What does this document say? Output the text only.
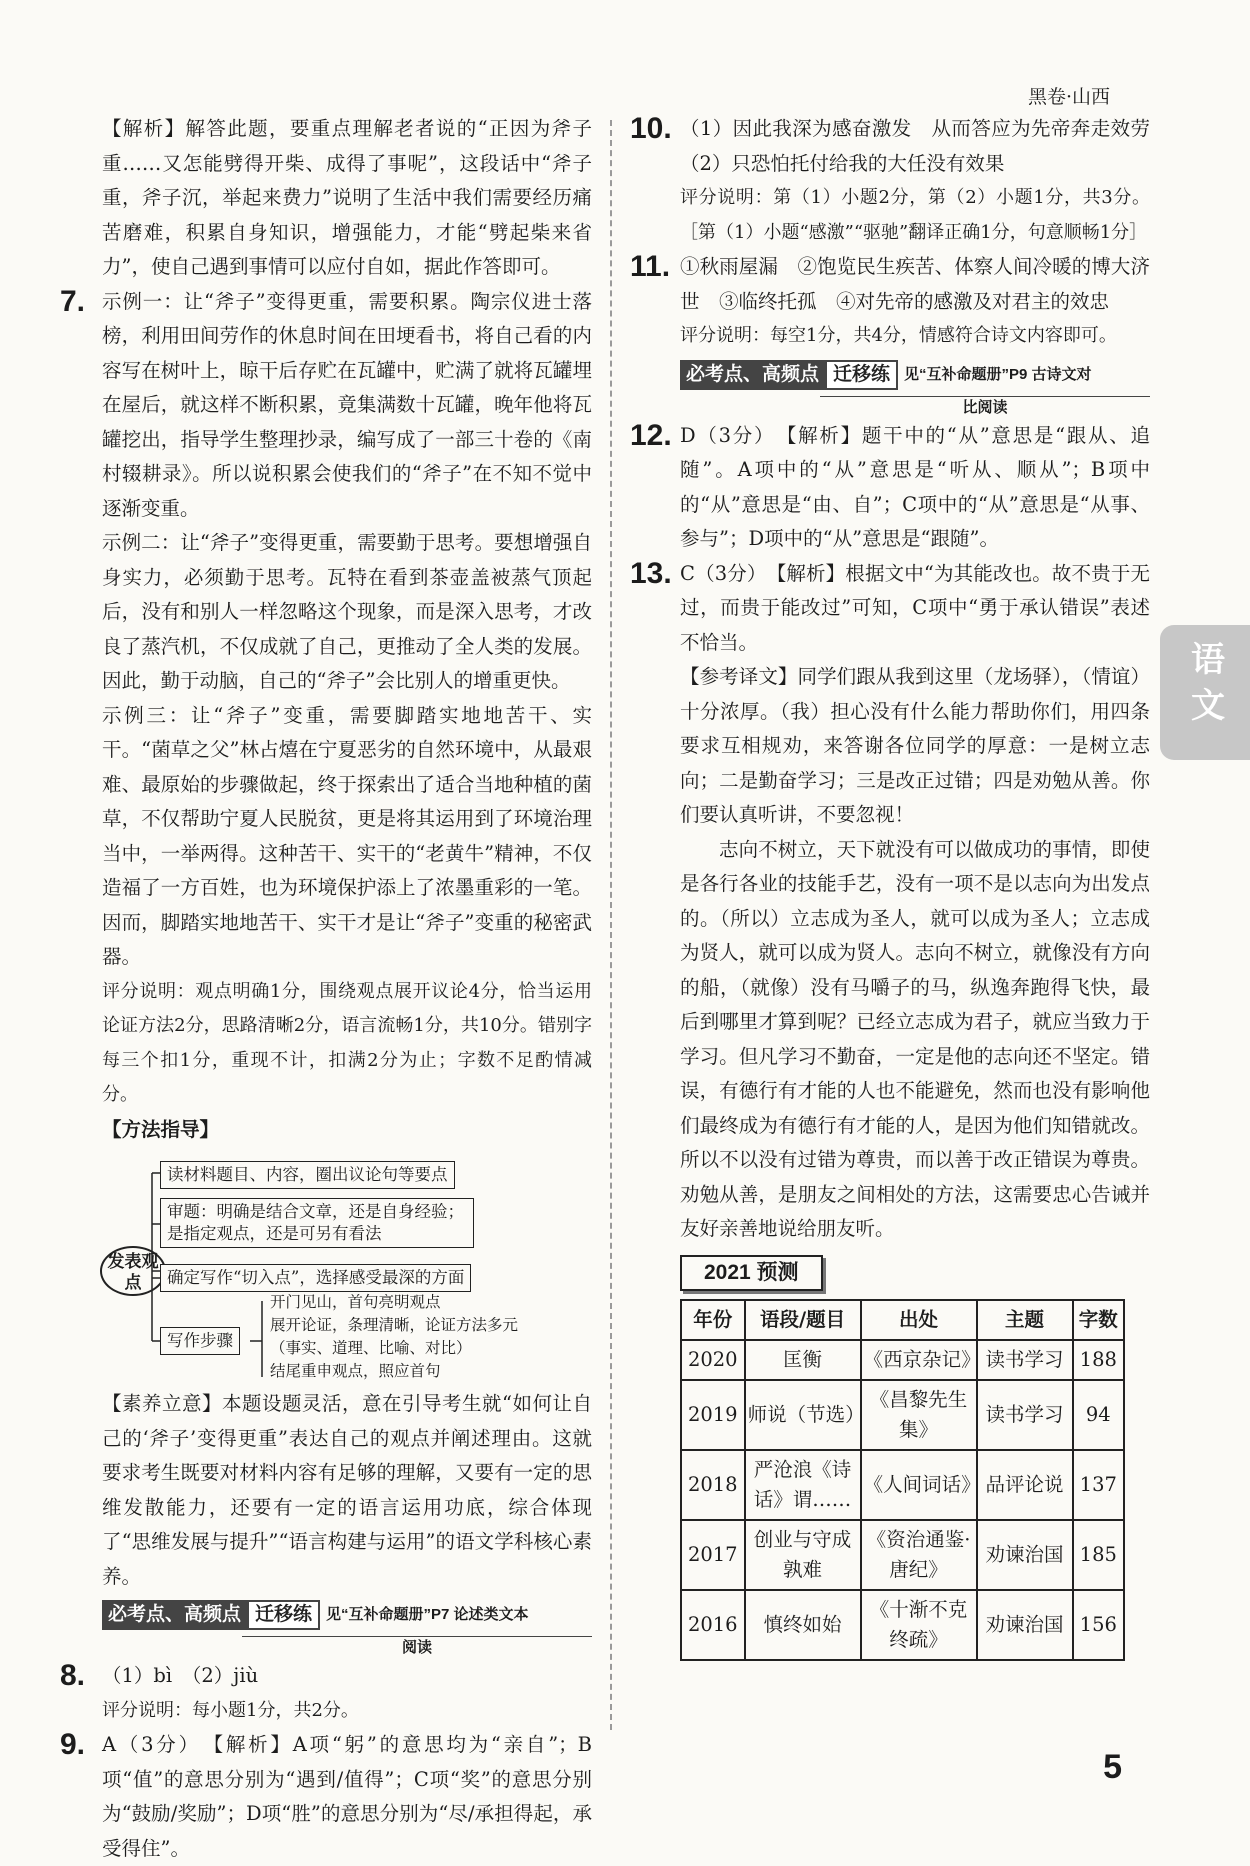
黑卷·山西
语文
5

【解析】解答此题，要重点理解老者说的“正因为斧子重……又怎能劈得开柴、成得了事呢”，这段话中“斧子重，斧子沉，举起来费力”说明了生活中我们需要经历痛苦磨难，积累自身知识，增强能力，才能“劈起柴来省力”，使自己遇到事情可以应付自如，据此作答即可。

7. 示例一：让“斧子”变得更重，需要积累。陶宗仪进士落榜，利用田间劳作的休息时间在田埂看书，将自己看的内容写在树叶上，晾干后存贮在瓦罐中，贮满了就将瓦罐埋在屋后，就这样不断积累，竟集满数十瓦罐，晚年他将瓦罐挖出，指导学生整理抄录，编写成了一部三十卷的《南村辍耕录》。所以说积累会使我们的“斧子”在不知不觉中逐渐变重。

示例二：让“斧子”变得更重，需要勤于思考。要想增强自身实力，必须勤于思考。瓦特在看到茶壶盖被蒸气顶起后，没有和别人一样忽略这个现象，而是深入思考，才改良了蒸汽机，不仅成就了自己，更推动了全人类的发展。因此，勤于动脑，自己的“斧子”会比别人的增重更快。

示例三：让“斧子”变重，需要脚踏实地地苦干、实干。“菌草之父”林占熺在宁夏恶劣的自然环境中，从最艰难、最原始的步骤做起，终于探索出了适合当地种植的菌草，不仅帮助宁夏人民脱贫，更是将其运用到了环境治理当中，一举两得。这种苦干、实干的“老黄牛”精神，不仅造福了一方百姓，也为环境保护添上了浓墨重彩的一笔。因而，脚踏实地地苦干、实干才是让“斧子”变重的秘密武器。

评分说明：观点明确1分，围绕观点展开议论4分，恰当运用论证方法2分，思路清晰2分，语言流畅1分，共10分。错别字每三个扣1分，重现不计，扣满2分为止；字数不足酌情减分。

【方法指导】

发表观点
读材料题目、内容，圈出议论句等要点
审题：明确是结合文章，还是自身经验；是指定观点，还是可另有看法
确定写作“切入点”，选择感受最深的方面
写作步骤
开门见山，首句亮明观点
展开论证，条理清晰，论证方法多元（事实、道理、比喻、对比）
结尾重申观点，照应首句

【素养立意】本题设题灵活，意在引导考生就“如何让自己的‘斧子’变得更重”表达自己的观点并阐述理由。这就要求考生既要对材料内容有足够的理解，又要有一定的思维发散能力，还要有一定的语言运用功底，综合体现了“思维发展与提升”“语言构建与运用”的语文学科核心素养。

必考点、高频点 迁移练 见“互补命题册”P7 论述类文本
阅读
8. （1）bì　（2）jiù

评分说明：每小题1分，共2分。

9. A（3分）　【解析】A项“躬”的意思均为“亲自”；B项“值”的意思分别为“遇到/值得”；C项“奖”的意思分别为“鼓励/奖励”；D项“胜”的意思分别为“尽/承担得起，承受得住”。

10. （1）因此我深为感奋激发　从而答应为先帝奔走效劳　（2）只恐怕托付给我的大任没有效果

评分说明：第（1）小题2分，第（2）小题1分，共3分。［第（1）小题“感激”“驱驰”翻译正确1分，句意顺畅1分］

11. ①秋雨屋漏　②饱览民生疾苦、体察人间冷暖的博大济世　③临终托孤　④对先帝的感激及对君主的效忠

评分说明：每空1分，共4分，情感符合诗文内容即可。

必考点、高频点 迁移练 见“互补命题册”P9 古诗文对
比阅读
12. D（3分）　【解析】题干中的“从”意思是“跟从、追随”。A项中的“从”意思是“听从、顺从”；B项中的“从”意思是“由、自”；C项中的“从”意思是“从事、参与”；D项中的“从”意思是“跟随”。

13. C（3分）　【解析】根据文中“为其能改也。故不贵于无过，而贵于能改过”可知，C项中“勇于承认错误”表述不恰当。

【参考译文】同学们跟从我到这里（龙场驿），（情谊）十分浓厚。（我）担心没有什么能力帮助你们，用四条要求互相规劝，来答谢各位同学的厚意：一是树立志向；二是勤奋学习；三是改正过错；四是劝勉从善。你们要认真听讲，不要忽视！

志向不树立，天下就没有可以做成功的事情，即使是各行各业的技能手艺，没有一项不是以志向为出发点的。（所以）立志成为圣人，就可以成为圣人；立志成为贤人，就可以成为贤人。志向不树立，就像没有方向的船，（就像）没有马嚼子的马，纵逸奔跑得飞快，最后到哪里才算到呢？已经立志成为君子，就应当致力于学习。但凡学习不勤奋，一定是他的志向还不坚定。错误，有德行有才能的人也不能避免，然而也没有影响他们最终成为有德行有才能的人，是因为他们知错就改。所以不以没有过错为尊贵，而以善于改正错误为尊贵。劝勉从善，是朋友之间相处的方法，这需要忠心告诫并友好亲善地说给朋友听。

2021 预测
年份	语段/题目	出处	主题	字数
2020	匡衡	《西京杂记》	读书学习	188
2019	师说（节选）	《昌黎先生集》	读书学习	94
2018	严沧浪《诗话》谓……	《人间词话》	品评论说	137
2017	创业与守成孰难	《资治通鉴·唐纪》	劝谏治国	185
2016	慎终如始	《十渐不克终疏》	劝谏治国	156
